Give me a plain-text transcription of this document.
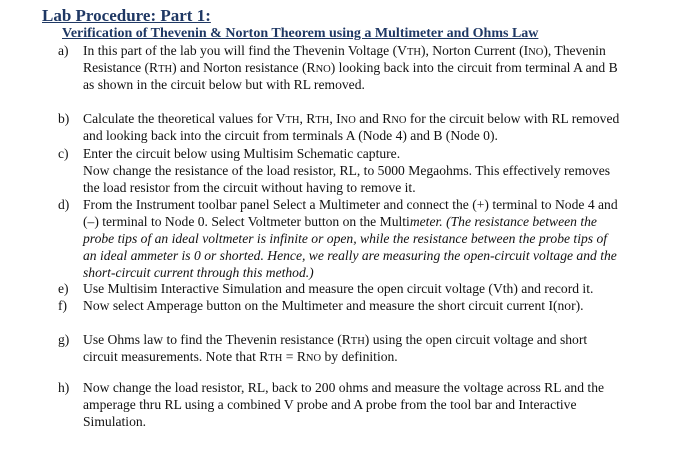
Lab Procedure: Part 1:
Verification of Thevenin & Norton Theorem using a Multimeter and Ohms Law
a) In this part of the lab you will find the Thevenin Voltage (VTH), Norton Current (INO), Thevenin
Resistance (RTH) and Norton resistance (RNO) looking back into the circuit from terminal A and B
as shown in the circuit below but with RL removed.
b) Calculate the theoretical values for VTH, RTH, INO and RNO for the circuit below with RL removed
and looking back into the circuit from terminals A (Node 4) and B (Node 0).
c) Enter the circuit below using Multisim Schematic capture.
Now change the resistance of the load resistor, RL, to 5000 Megaohms. This effectively removes
the load resistor from the circuit without having to remove it.
d) From the Instrument toolbar panel Select a Multimeter and connect the (+) terminal to Node 4 and
(–) terminal to Node 0. Select Voltmeter button on the Multimeter. (The resistance between the
probe tips of an ideal voltmeter is infinite or open, while the resistance between the probe tips of
an ideal ammeter is 0 or shorted. Hence, we really are measuring the open-circuit voltage and the
short-circuit current through this method.)
e) Use Multisim Interactive Simulation and measure the open circuit voltage (Vth) and record it.
f) Now select Amperage button on the Multimeter and measure the short circuit current I(nor).
g) Use Ohms law to find the Thevenin resistance (RTH) using the open circuit voltage and short
circuit measurements. Note that RTH = RNO by definition.
h) Now change the load resistor, RL, back to 200 ohms and measure the voltage across RL and the
amperage thru RL using a combined V probe and A probe from the tool bar and Interactive
Simulation.
